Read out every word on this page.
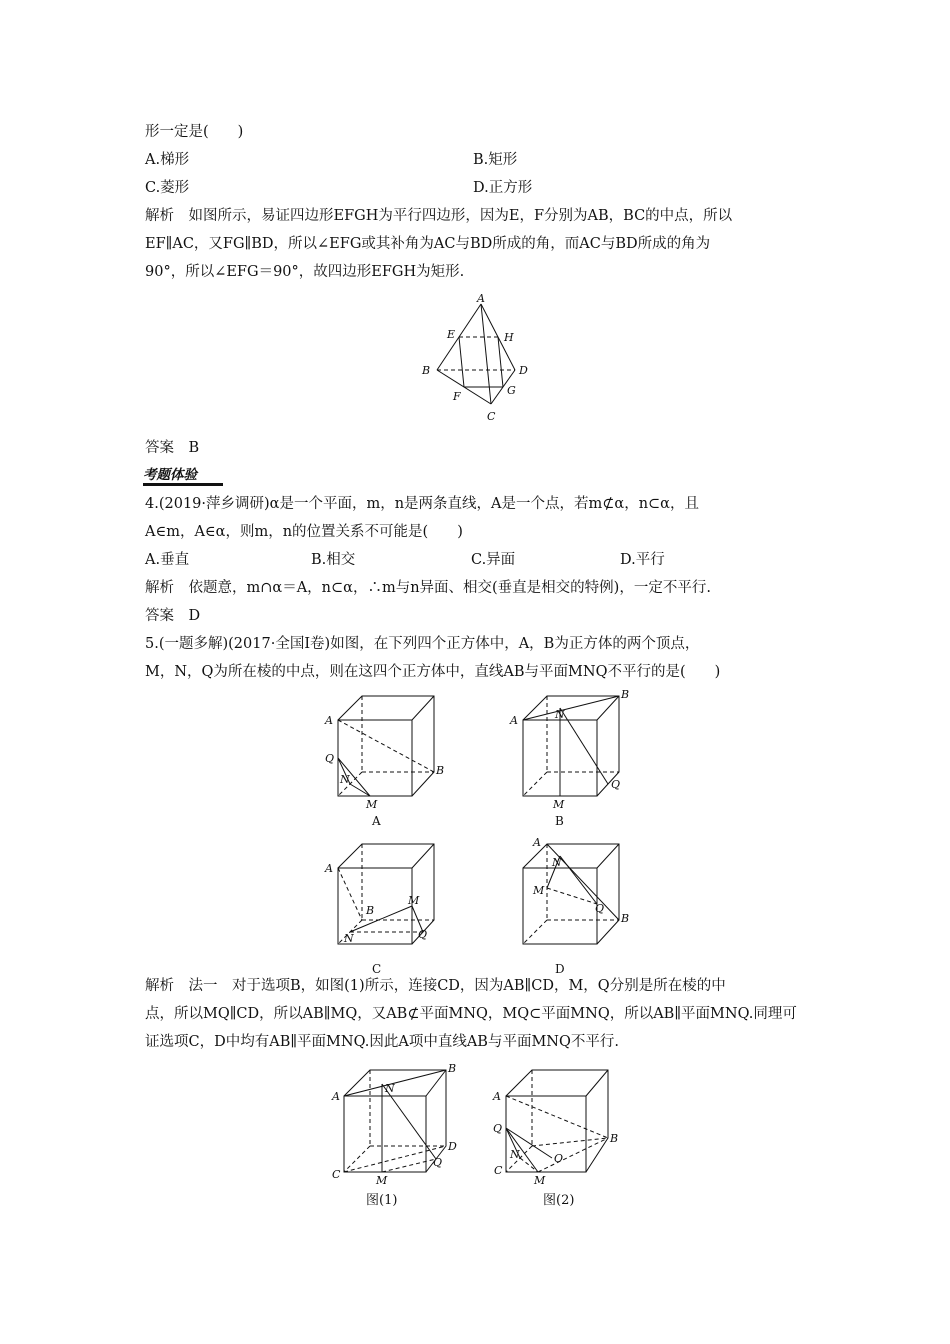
形一定是(　　)
A.梯形	B.矩形
C.菱形	D.正方形
解析　如图所示，易证四边形EFGH为平行四边形，因为E，F分别为AB，BC的中点，所以
EF∥AC，又FG∥BD，所以∠EFG或其补角为AC与BD所成的角，而AC与BD所成的角为
90°，所以∠EFG＝90°，故四边形EFGH为矩形.
A
E	H
B	D
F	G
C
答案　B
考题体验
4.(2019·萍乡调研)α是一个平面，m，n是两条直线，A是一个点，若m⊄α，n⊂α，且
A∈m，A∈α，则m，n的位置关系不可能是(　　)
A.垂直	B.相交	C.异面	D.平行
解析　依题意，m∩α＝A，n⊂α，∴m与n异面、相交(垂直是相交的特例)，一定不平行.
答案　D
5.(一题多解)(2017·全国Ⅰ卷)如图，在下列四个正方体中，A，B为正方体的两个顶点，
M，N，Q为所在棱的中点，则在这四个正方体中，直线AB与平面MNQ不平行的是(　　)
A
B
Q
N
M
A
A
B
N
Q
M
B
A
B
M
N	Q
C
A
N
M
Q
B
D
解析　法一　对于选项B，如图(1)所示，连接CD，因为AB∥CD，M，Q分别是所在棱的中
点，所以MQ∥CD，所以AB∥MQ，又AB⊄平面MNQ，MQ⊂平面MNQ，所以AB∥平面MNQ.同理可
证选项C，D中均有AB∥平面MNQ.因此A项中直线AB与平面MNQ不平行.
A
B
N
D
Q
C	M
图(1)
Q
A
B
N	O
C
M
图(2)
